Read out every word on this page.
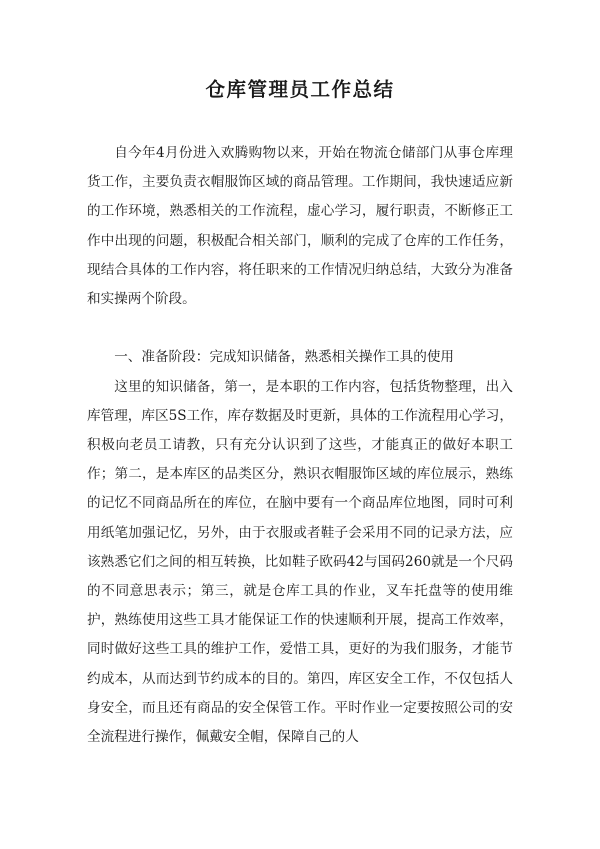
仓库管理员工作总结

自今年4月份进入欢腾购物以来，开始在物流仓储部门从事仓库理货工作，主要负责衣帽服饰区域的商品管理。工作期间，我快速适应新的工作环境，熟悉相关的工作流程，虚心学习，履行职责，不断修正工作中出现的问题，积极配合相关部门，顺利的完成了仓库的工作任务，现结合具体的工作内容，将任职来的工作情况归纳总结，大致分为准备和实操两个阶段。

一、准备阶段：完成知识储备，熟悉相关操作工具的使用

这里的知识储备，第一，是本职的工作内容，包括货物整理，出入库管理，库区5S工作，库存数据及时更新，具体的工作流程用心学习，积极向老员工请教，只有充分认识到了这些，才能真正的做好本职工作；第二，是本库区的品类区分，熟识衣帽服饰区域的库位展示，熟练的记忆不同商品所在的库位，在脑中要有一个商品库位地图，同时可利用纸笔加强记忆，另外，由于衣服或者鞋子会采用不同的记录方法，应该熟悉它们之间的相互转换，比如鞋子欧码42与国码260就是一个尺码的不同意思表示；第三，就是仓库工具的作业，叉车托盘等的使用维护，熟练使用这些工具才能保证工作的快速顺利开展，提高工作效率，同时做好这些工具的维护工作，爱惜工具，更好的为我们服务，才能节约成本，从而达到节约成本的目的。第四，库区安全工作，不仅包括人身安全，而且还有商品的安全保管工作。平时作业一定要按照公司的安全流程进行操作，佩戴安全帽，保障自己的人
